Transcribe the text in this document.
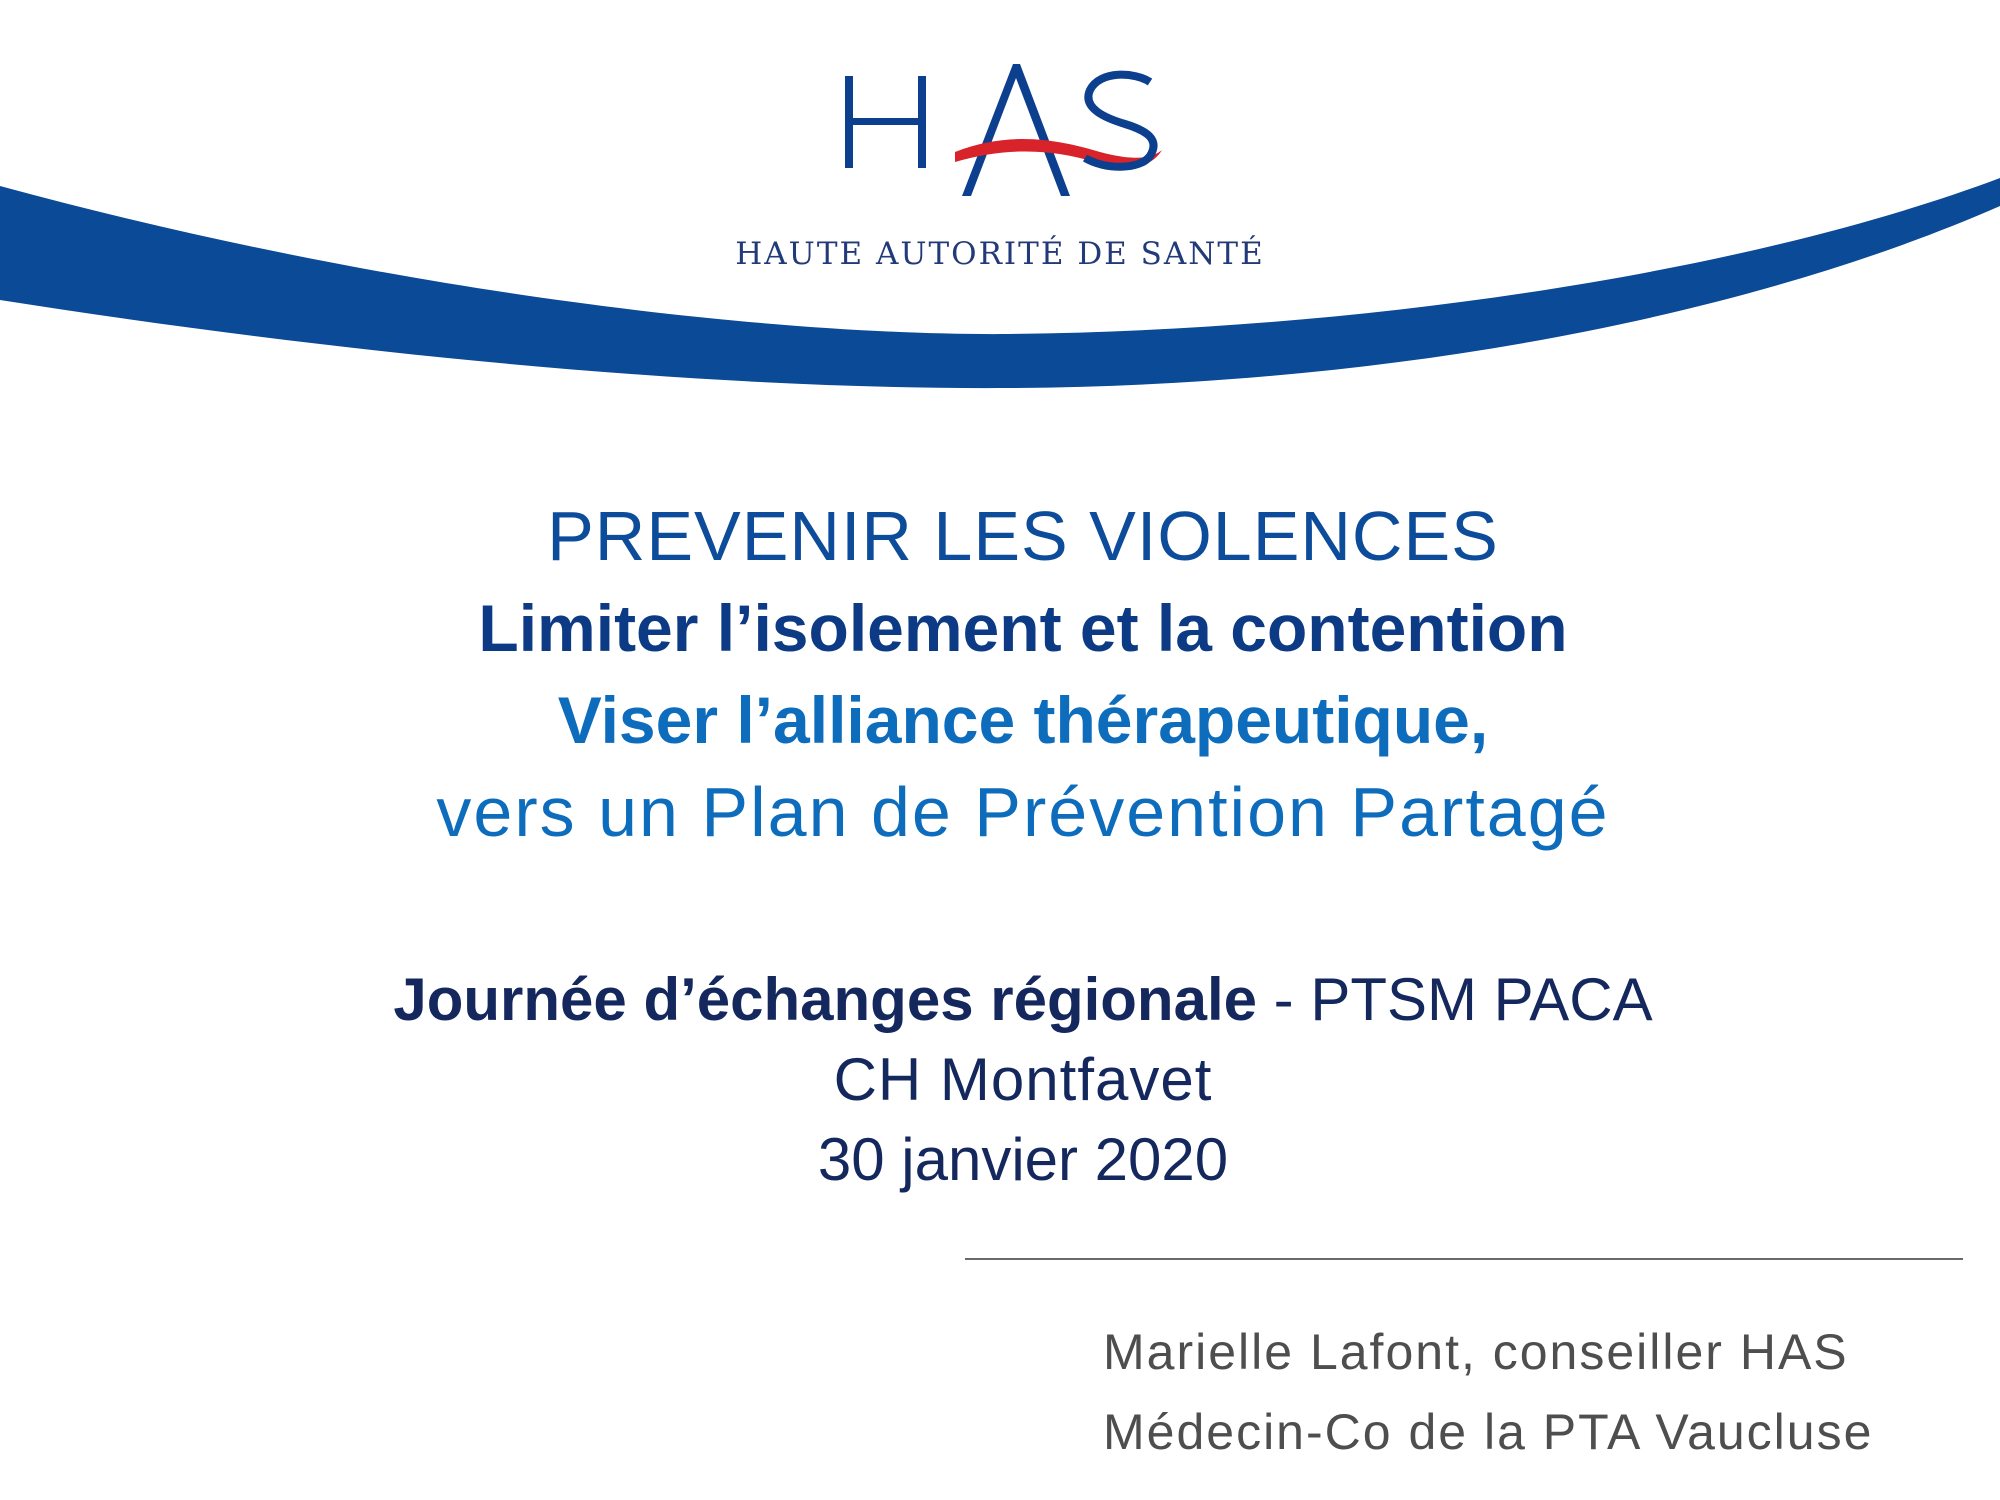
HAUTE AUTORITÉ DE SANTÉ
PREVENIR LES VIOLENCES
Limiter l’isolement et la contention
Viser l’alliance thérapeutique,
vers un Plan de Prévention Partagé
Journée d’échanges régionale - PTSM PACA
CH Montfavet
30 janvier 2020
Marielle Lafont, conseiller HAS
Médecin-Co de la PTA Vaucluse
